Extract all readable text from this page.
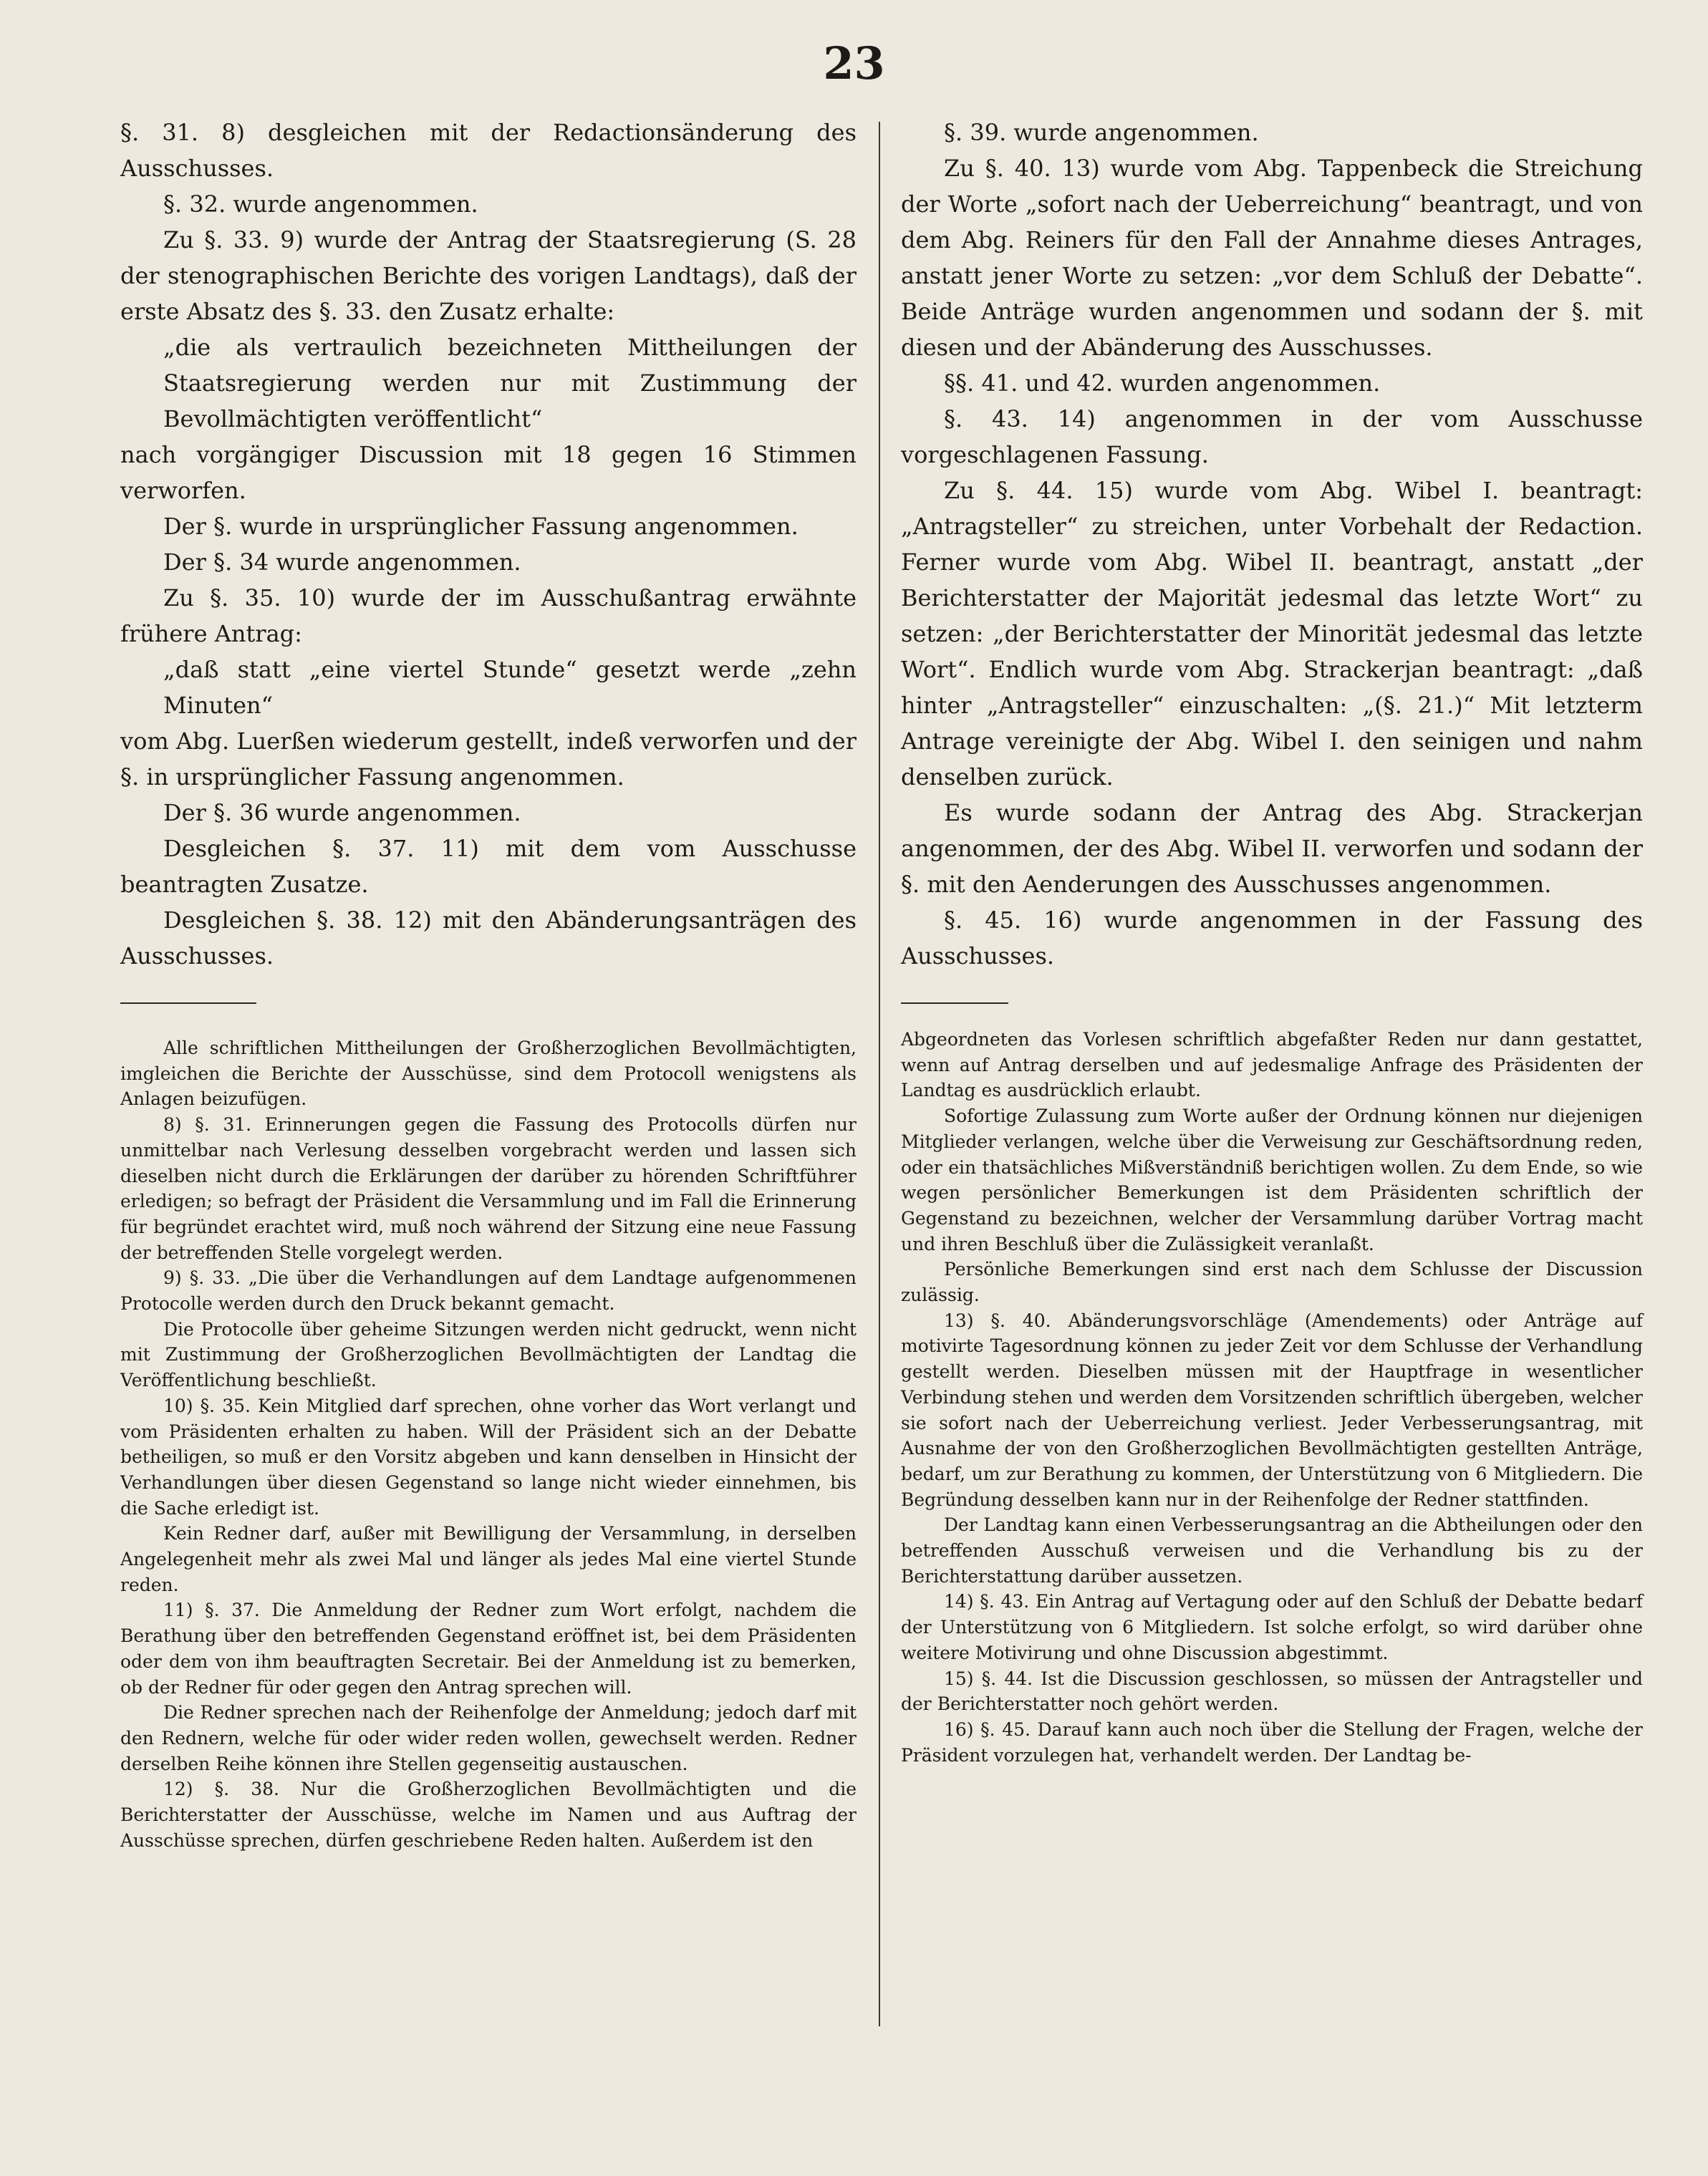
23

§. 31. 8) desgleichen mit der Redactionsänderung des Ausschusses.

§. 32. wurde angenommen.

Zu §. 33. 9) wurde der Antrag der Staatsregierung (S. 28 der stenographischen Berichte des vorigen Landtags), daß der erste Absatz des §. 33. den Zusatz erhalte:

„die als vertraulich bezeichneten Mittheilungen der Staatsregierung werden nur mit Zustimmung der Bevollmächtigten veröffentlicht“

nach vorgängiger Discussion mit 18 gegen 16 Stimmen verworfen.

Der §. wurde in ursprünglicher Fassung angenommen.

Der §. 34 wurde angenommen.

Zu §. 35. 10) wurde der im Ausschußantrag erwähnte frühere Antrag:

„daß statt „eine viertel Stunde“ gesetzt werde „zehn Minuten“

vom Abg. Luerßen wiederum gestellt, indeß verworfen und der §. in ursprünglicher Fassung angenommen.

Der §. 36 wurde angenommen.

Desgleichen §. 37. 11) mit dem vom Ausschusse beantragten Zusatze.

Desgleichen §. 38. 12) mit den Abänderungsanträgen des Ausschusses.

Alle schriftlichen Mittheilungen der Großherzoglichen Bevollmächtigten, imgleichen die Berichte der Ausschüsse, sind dem Protocoll wenigstens als Anlagen beizufügen.

8) §. 31. Erinnerungen gegen die Fassung des Protocolls dürfen nur unmittelbar nach Verlesung desselben vorgebracht werden und lassen sich dieselben nicht durch die Erklärungen der darüber zu hörenden Schriftführer erledigen; so befragt der Präsident die Versammlung und im Fall die Erinnerung für begründet erachtet wird, muß noch während der Sitzung eine neue Fassung der betreffenden Stelle vorgelegt werden.

9) §. 33. „Die über die Verhandlungen auf dem Landtage aufgenommenen Protocolle werden durch den Druck bekannt gemacht.

Die Protocolle über geheime Sitzungen werden nicht gedruckt, wenn nicht mit Zustimmung der Großherzoglichen Bevollmächtigten der Landtag die Veröffentlichung beschließt.

10) §. 35. Kein Mitglied darf sprechen, ohne vorher das Wort verlangt und vom Präsidenten erhalten zu haben. Will der Präsident sich an der Debatte betheiligen, so muß er den Vorsitz abgeben und kann denselben in Hinsicht der Verhandlungen über diesen Gegenstand so lange nicht wieder einnehmen, bis die Sache erledigt ist.

Kein Redner darf, außer mit Bewilligung der Versammlung, in derselben Angelegenheit mehr als zwei Mal und länger als jedes Mal eine viertel Stunde reden.

11) §. 37. Die Anmeldung der Redner zum Wort erfolgt, nachdem die Berathung über den betreffenden Gegenstand eröffnet ist, bei dem Präsidenten oder dem von ihm beauftragten Secretair. Bei der Anmeldung ist zu bemerken, ob der Redner für oder gegen den Antrag sprechen will.

Die Redner sprechen nach der Reihenfolge der Anmeldung; jedoch darf mit den Rednern, welche für oder wider reden wollen, gewechselt werden. Redner derselben Reihe können ihre Stellen gegenseitig austauschen.

12) §. 38. Nur die Großherzoglichen Bevollmächtigten und die Berichterstatter der Ausschüsse, welche im Namen und aus Auftrag der Ausschüsse sprechen, dürfen geschriebene Reden halten. Außerdem ist den

§. 39. wurde angenommen.

Zu §. 40. 13) wurde vom Abg. Tappenbeck die Streichung der Worte „sofort nach der Ueberreichung“ beantragt, und von dem Abg. Reiners für den Fall der Annahme dieses Antrages, anstatt jener Worte zu setzen: „vor dem Schluß der Debatte“. Beide Anträge wurden angenommen und sodann der §. mit diesen und der Abänderung des Ausschusses.

§§. 41. und 42. wurden angenommen.

§. 43. 14) angenommen in der vom Ausschusse vorgeschlagenen Fassung.

Zu §. 44. 15) wurde vom Abg. Wibel I. beantragt: „Antragsteller“ zu streichen, unter Vorbehalt der Redaction. Ferner wurde vom Abg. Wibel II. beantragt, anstatt „der Berichterstatter der Majorität jedesmal das letzte Wort“ zu setzen: „der Berichterstatter der Minorität jedesmal das letzte Wort“. Endlich wurde vom Abg. Strackerjan beantragt: „daß hinter „Antragsteller“ einzuschalten: „(§. 21.)“ Mit letzterm Antrage vereinigte der Abg. Wibel I. den seinigen und nahm denselben zurück.

Es wurde sodann der Antrag des Abg. Strackerjan angenommen, der des Abg. Wibel II. verworfen und sodann der §. mit den Aenderungen des Ausschusses angenommen.

§. 45. 16) wurde angenommen in der Fassung des Ausschusses.

Abgeordneten das Vorlesen schriftlich abgefaßter Reden nur dann gestattet, wenn auf Antrag derselben und auf jedesmalige Anfrage des Präsidenten der Landtag es ausdrücklich erlaubt.

Sofortige Zulassung zum Worte außer der Ordnung können nur diejenigen Mitglieder verlangen, welche über die Verweisung zur Geschäftsordnung reden, oder ein thatsächliches Mißverständniß berichtigen wollen. Zu dem Ende, so wie wegen persönlicher Bemerkungen ist dem Präsidenten schriftlich der Gegenstand zu bezeichnen, welcher der Versammlung darüber Vortrag macht und ihren Beschluß über die Zulässigkeit veranlaßt.

Persönliche Bemerkungen sind erst nach dem Schlusse der Discussion zulässig.

13) §. 40. Abänderungsvorschläge (Amendements) oder Anträge auf motivirte Tagesordnung können zu jeder Zeit vor dem Schlusse der Verhandlung gestellt werden. Dieselben müssen mit der Hauptfrage in wesentlicher Verbindung stehen und werden dem Vorsitzenden schriftlich übergeben, welcher sie sofort nach der Ueberreichung verliest. Jeder Verbesserungsantrag, mit Ausnahme der von den Großherzoglichen Bevollmächtigten gestellten Anträge, bedarf, um zur Berathung zu kommen, der Unterstützung von 6 Mitgliedern. Die Begründung desselben kann nur in der Reihenfolge der Redner stattfinden.

Der Landtag kann einen Verbesserungsantrag an die Abtheilungen oder den betreffenden Ausschuß verweisen und die Verhandlung bis zu der Berichterstattung darüber aussetzen.

14) §. 43. Ein Antrag auf Vertagung oder auf den Schluß der Debatte bedarf der Unterstützung von 6 Mitgliedern. Ist solche erfolgt, so wird darüber ohne weitere Motivirung und ohne Discussion abgestimmt.

15) §. 44. Ist die Discussion geschlossen, so müssen der Antragsteller und der Berichterstatter noch gehört werden.

16) §. 45. Darauf kann auch noch über die Stellung der Fragen, welche der Präsident vorzulegen hat, verhandelt werden. Der Landtag be-
